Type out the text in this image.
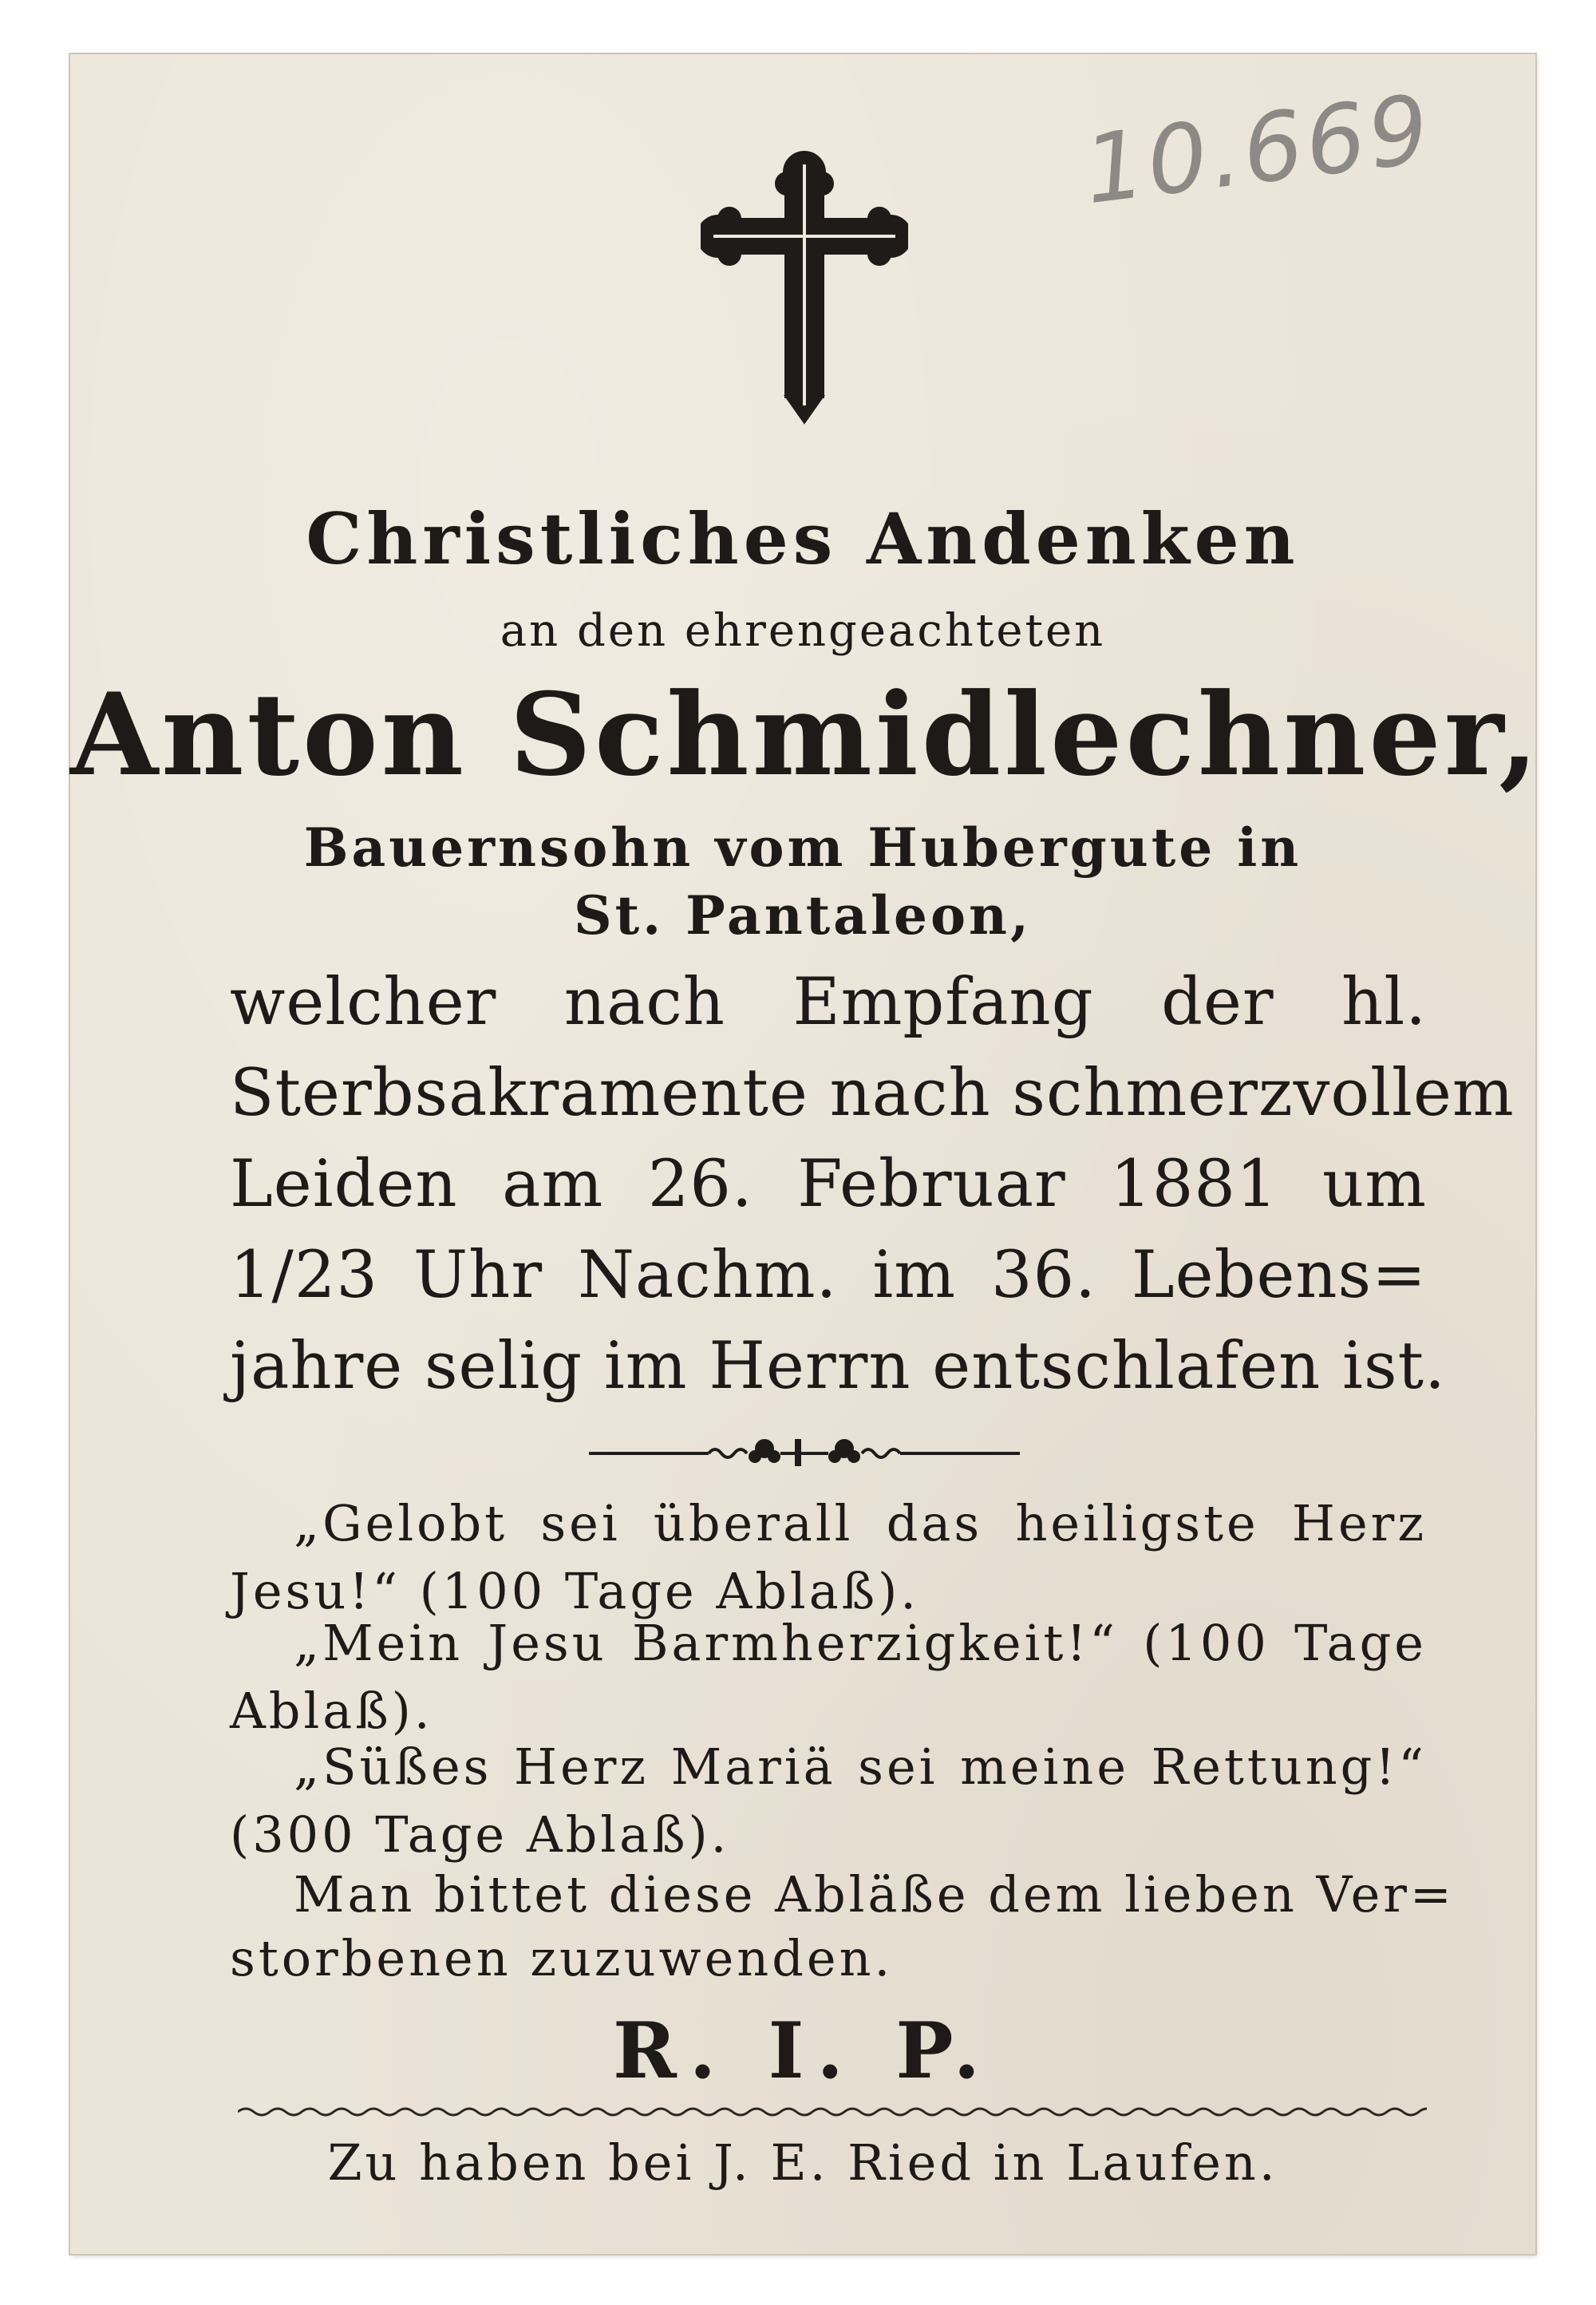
10.669
Christliches Andenken
an den ehrengeachteten
Anton Schmidlechner,
Bauernsohn vom Hubergute in
St. Pantaleon,
welcher nach Empfang der hl.
Sterbsakramente nach schmerzvollem
Leiden am 26. Februar 1881 um
1/23 Uhr Nachm. im 36. Lebens=
jahre selig im Herrn entschlafen ist.
„Gelobt sei überall das heiligste Herz
Jesu!“ (100 Tage Ablaß).
„Mein Jesu Barmherzigkeit!“ (100 Tage
Ablaß).
„Süßes Herz Mariä sei meine Rettung!“
(300 Tage Ablaß).
Man bittet diese Abläße dem lieben Ver=
storbenen zuzuwenden.
R. I. P.
Zu haben bei J. E. Ried in Laufen.
